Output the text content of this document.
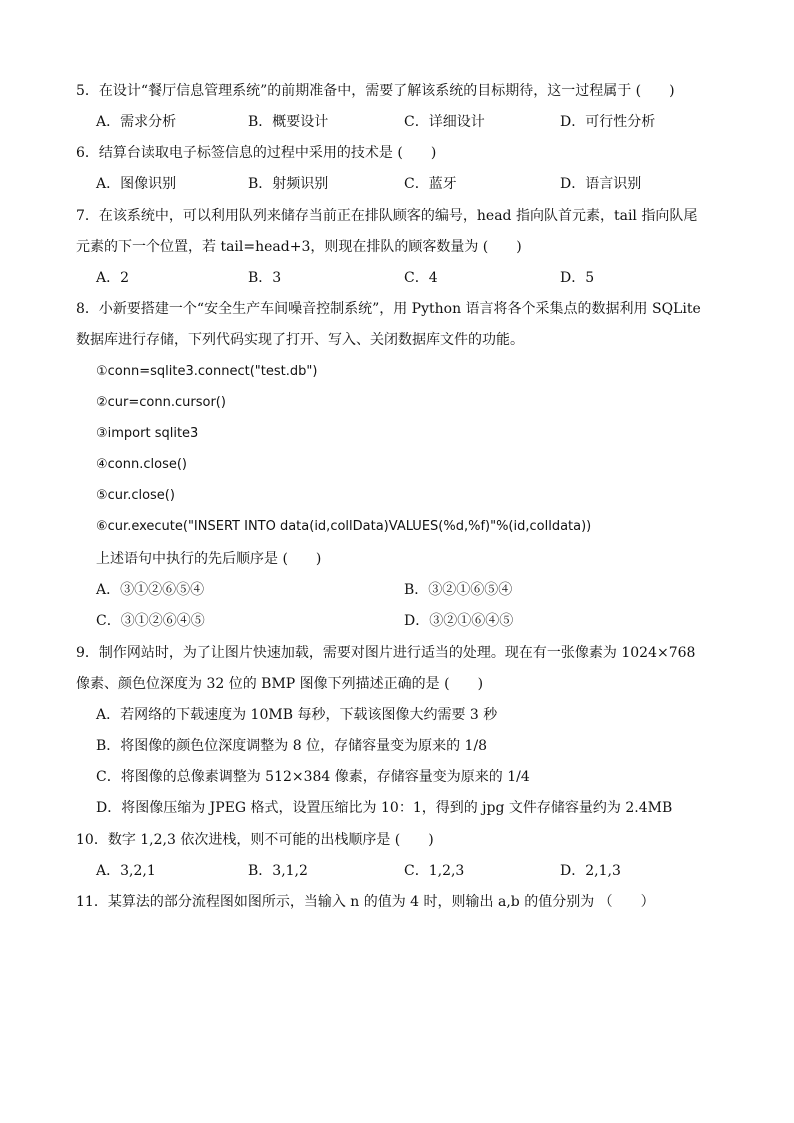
5．在设计“餐厅信息管理系统”的前期准备中，需要了解该系统的目标期待，这一过程属于 (　　)
A．需求分析	B．概要设计	C．详细设计	D．可行性分析
6．结算台读取电子标签信息的过程中采用的技术是 (　　)
A．图像识别	B．射频识别	C．蓝牙	D．语言识别
7．在该系统中，可以利用队列来储存当前正在排队顾客的编号，head 指向队首元素，tail 指向队尾
元素的下一个位置，若 tail=head+3，则现在排队的顾客数量为 (　　)
A．2	B．3	C．4	D．5
8．小新要搭建一个“安全生产车间噪音控制系统”，用 Python 语言将各个采集点的数据利用 SQLite
数据库进行存储，下列代码实现了打开、写入、关闭数据库文件的功能。
①conn=sqlite3.connect("test.db")
②cur=conn.cursor()
③import sqlite3
④conn.close()
⑤cur.close()
⑥cur.execute("INSERT INTO data(id,collData)VALUES(%d,%f)"%(id,colldata))
上述语句中执行的先后顺序是 (　　)
A．③①②⑥⑤④	B．③②①⑥⑤④
C．③①②⑥④⑤	D．③②①⑥④⑤
9．制作网站时，为了让图片快速加载，需要对图片进行适当的处理。现在有一张像素为 1024×768
像素、颜色位深度为 32 位的 BMP 图像下列描述正确的是 (　　)
A．若网络的下载速度为 10MB 每秒，下载该图像大约需要 3 秒
B．将图像的颜色位深度调整为 8 位，存储容量变为原来的 1/8
C．将图像的总像素调整为 512×384 像素，存储容量变为原来的 1/4
D．将图像压缩为 JPEG 格式，设置压缩比为 10：1，得到的 jpg 文件存储容量约为 2.4MB
10．数字 1,2,3 依次进栈，则不可能的出栈顺序是 (　　)
A．3,2,1	B．3,1,2	C．1,2,3	D．2,1,3
11．某算法的部分流程图如图所示，当输入 n 的值为 4 时，则输出 a,b 的值分别为 （　　）
